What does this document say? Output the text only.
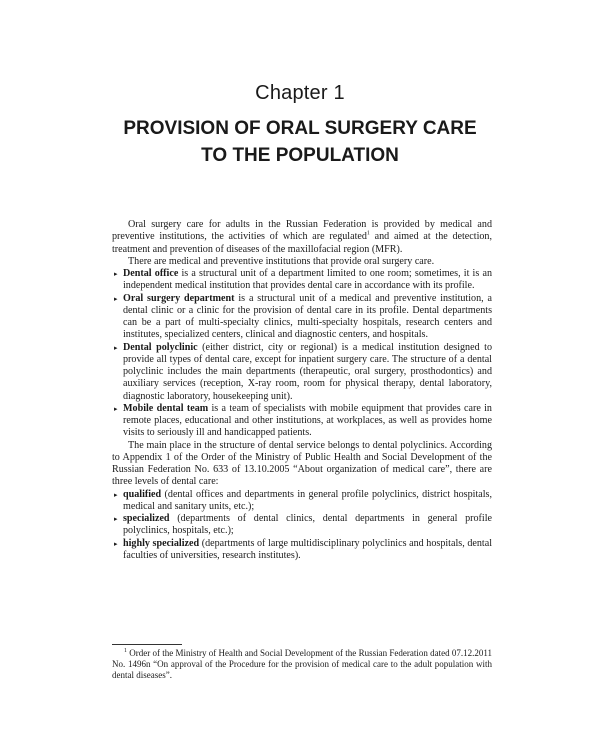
Chapter 1
PROVISION OF ORAL SURGERY CARE
TO THE POPULATION

Oral surgery care for adults in the Russian Federation is provided by medical and preventive institutions, the activities of which are regulated$^1$ and aimed at the detection, treatment and prevention of diseases of the maxillofacial region (MFR).

There are medical and preventive institutions that provide oral surgery care.

▸ Dental office is a structural unit of a department limited to one room; sometimes, it is an independent medical institution that provides dental care in accordance with its profile.
▸ Oral surgery department is a structural unit of a medical and preventive institution, a dental clinic or a clinic for the provision of dental care in its profile. Dental departments can be a part of multi-specialty clinics, multi-specialty hospitals, research centers and institutes, specialized centers, clinical and diagnostic centers, and hospitals.
▸ Dental polyclinic (either district, city or regional) is a medical institution designed to provide all types of dental care, except for inpatient surgery care. The structure of a dental polyclinic includes the main departments (therapeutic, oral surgery, prosthodontics) and auxiliary services (reception, X-ray room, room for physical therapy, dental laboratory, diagnostic laboratory, housekeeping unit).
▸ Mobile dental team is a team of specialists with mobile equipment that provides care in remote places, educational and other institutions, at workplaces, as well as provides home visits to seriously ill and handicapped patients.

The main place in the structure of dental service belongs to dental polyclinics. According to Appendix 1 of the Order of the Ministry of Public Health and Social Development of the Russian Federation No. 633 of 13.10.2005 “About organization of medical care”, there are three levels of dental care:

▸ qualified (dental offices and departments in general profile polyclinics, district hospitals, medical and sanitary units, etc.);
▸ specialized (departments of dental clinics, dental departments in general profile polyclinics, hospitals, etc.);
▸ highly specialized (departments of large multidisciplinary polyclinics and hospitals, dental faculties of universities, research institutes).
$^1$ Order of the Ministry of Health and Social Development of the Russian Federation dated 07.12.2011 No. 1496n “On approval of the Procedure for the provision of medical care to the adult population with dental diseases”.
